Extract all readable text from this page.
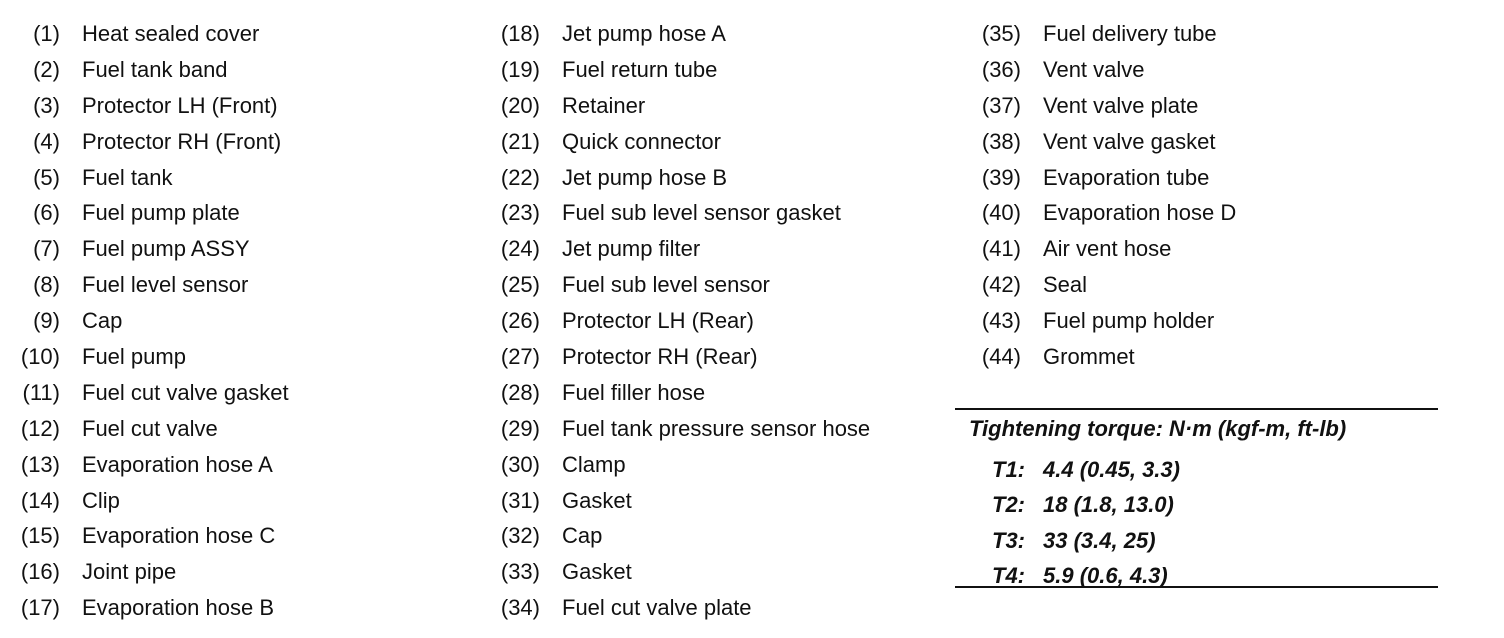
(1) Heat sealed cover
(2) Fuel tank band
(3) Protector LH (Front)
(4) Protector RH (Front)
(5) Fuel tank
(6) Fuel pump plate
(7) Fuel pump ASSY
(8) Fuel level sensor
(9) Cap
(10) Fuel pump
(11) Fuel cut valve gasket
(12) Fuel cut valve
(13) Evaporation hose A
(14) Clip
(15) Evaporation hose C
(16) Joint pipe
(17) Evaporation hose B
(18) Jet pump hose A
(19) Fuel return tube
(20) Retainer
(21) Quick connector
(22) Jet pump hose B
(23) Fuel sub level sensor gasket
(24) Jet pump filter
(25) Fuel sub level sensor
(26) Protector LH (Rear)
(27) Protector RH (Rear)
(28) Fuel filler hose
(29) Fuel tank pressure sensor hose
(30) Clamp
(31) Gasket
(32) Cap
(33) Gasket
(34) Fuel cut valve plate
(35) Fuel delivery tube
(36) Vent valve
(37) Vent valve plate
(38) Vent valve gasket
(39) Evaporation tube
(40) Evaporation hose D
(41) Air vent hose
(42) Seal
(43) Fuel pump holder
(44) Grommet
Tightening torque: N·m (kgf-m, ft-lb)
T1: 4.4 (0.45, 3.3)
T2: 18 (1.8, 13.0)
T3: 33 (3.4, 25)
T4: 5.9 (0.6, 4.3)
